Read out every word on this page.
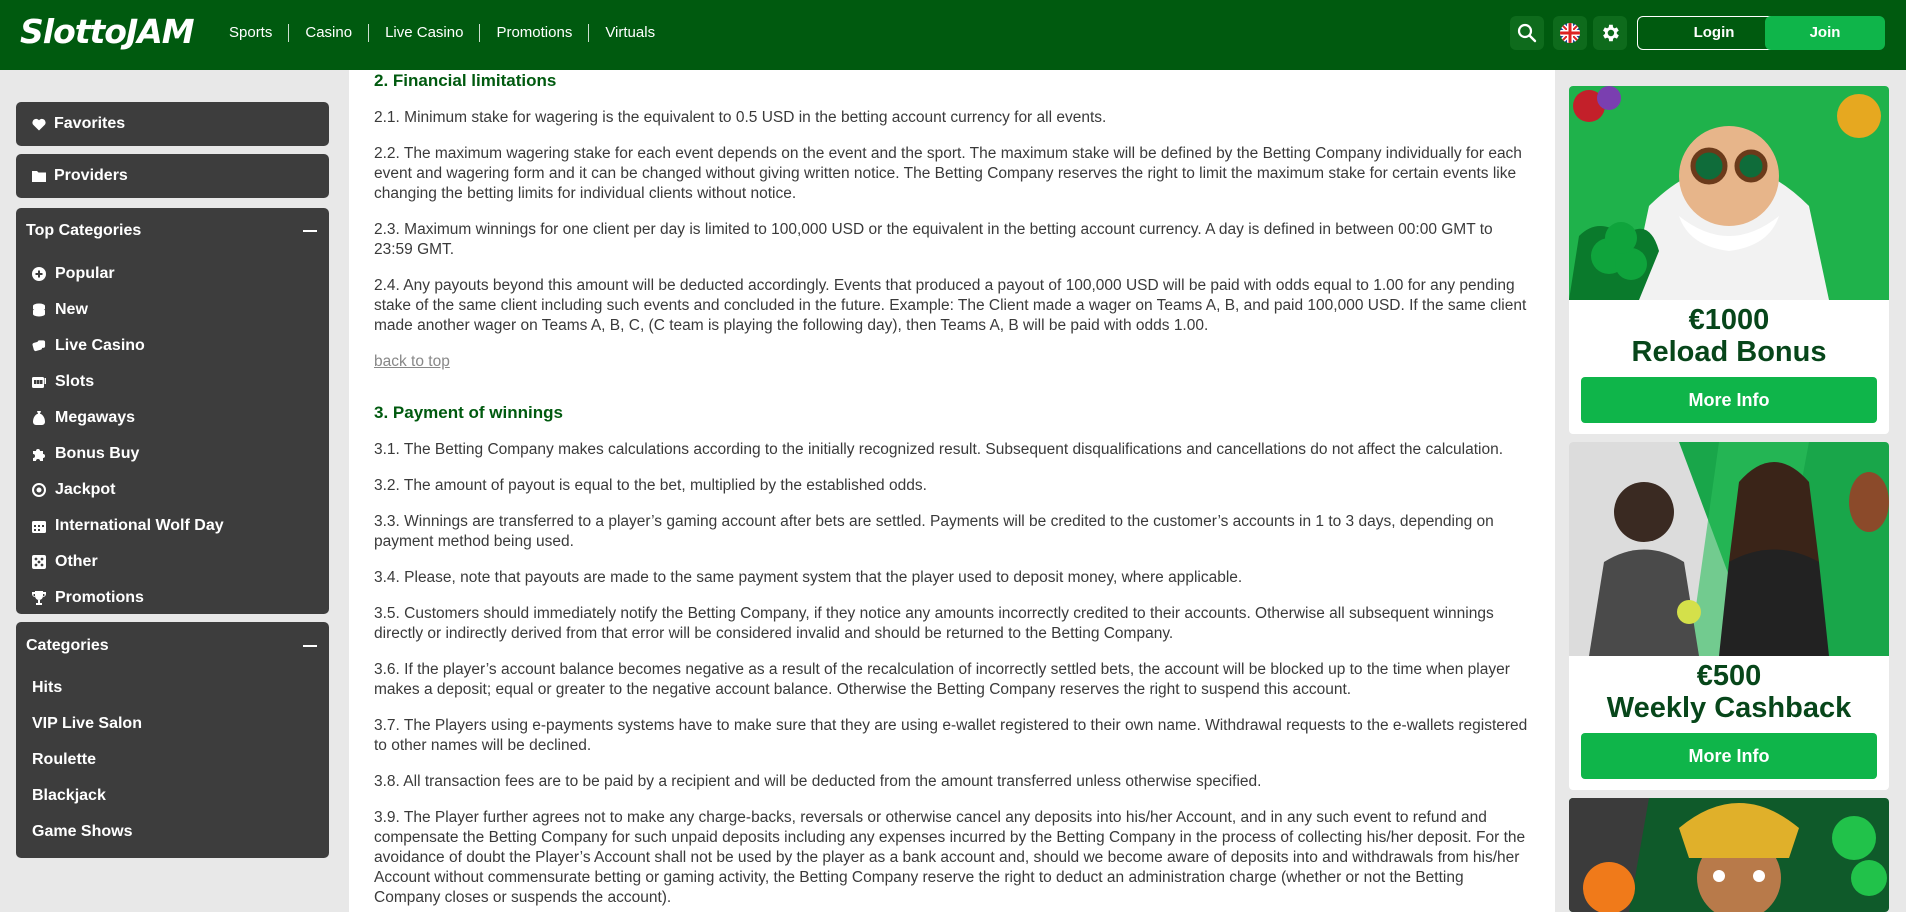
SlottoJAM	Sports	Casino	Live Casino	Promotions	Virtuals	Login	Join
Favorites
Providers
Top Categories
Popular
New
Live Casino
Slots
Megaways
Bonus Buy
Jackpot
International Wolf Day
Other
Promotions
Categories
Hits
VIP Live Salon
Roulette
Blackjack
Game Shows
2. Financial limitations

2.1. Minimum stake for wagering is the equivalent to 0.5 USD in the betting account currency for all events.

2.2. The maximum wagering stake for each event depends on the event and the sport. The maximum stake will be defined by the Betting Company individually for each event and wagering form and it can be changed without giving written notice. The Betting Company reserves the right to limit the maximum stake for certain events like changing the betting limits for individual clients without notice.

2.3. Maximum winnings for one client per day is limited to 100,000 USD or the equivalent in the betting account currency. A day is defined in between 00:00 GMT to 23:59 GMT.

2.4. Any payouts beyond this amount will be deducted accordingly. Events that produced a payout of 100,000 USD will be paid with odds equal to 1.00 for any pending stake of the same client including such events and concluded in the future. Example: The Client made a wager on Teams A, B, and paid 100,000 USD. If the same client made another wager on Teams A, B, C, (C team is playing the following day), then Teams A, B will be paid with odds 1.00.

back to top

3. Payment of winnings

3.1. The Betting Company makes calculations according to the initially recognized result. Subsequent disqualifications and cancellations do not affect the calculation.

3.2. The amount of payout is equal to the bet, multiplied by the established odds.

3.3. Winnings are transferred to a player’s gaming account after bets are settled. Payments will be credited to the customer’s accounts in 1 to 3 days, depending on payment method being used.

3.4. Please, note that payouts are made to the same payment system that the player used to deposit money, where applicable.

3.5. Customers should immediately notify the Betting Company, if they notice any amounts incorrectly credited to their accounts. Otherwise all subsequent winnings directly or indirectly derived from that error will be considered invalid and should be returned to the Betting Company.

3.6. If the player’s account balance becomes negative as a result of the recalculation of incorrectly settled bets, the account will be blocked up to the time when player makes a deposit; equal or greater to the negative account balance. Otherwise the Betting Company reserves the right to suspend this account.

3.7. The Players using e-payments systems have to make sure that they are using e-wallet registered to their own name. Withdrawal requests to the e-wallets registered to other names will be declined.

3.8. All transaction fees are to be paid by a recipient and will be deducted from the amount transferred unless otherwise specified.

3.9. The Player further agrees not to make any charge-backs, reversals or otherwise cancel any deposits into his/her Account, and in any such event to refund and compensate the Betting Company for such unpaid deposits including any expenses incurred by the Betting Company in the process of collecting his/her deposit. For the avoidance of doubt the Player’s Account shall not be used by the player as a bank account and, should we become aware of deposits into and withdrawals from his/her Account without commensurate betting or gaming activity, the Betting Company reserve the right to deduct an administration charge (whether or not the Betting Company closes or suspends the account).

€1000
Reload Bonus
More Info
€500
Weekly Cashback
More Info
